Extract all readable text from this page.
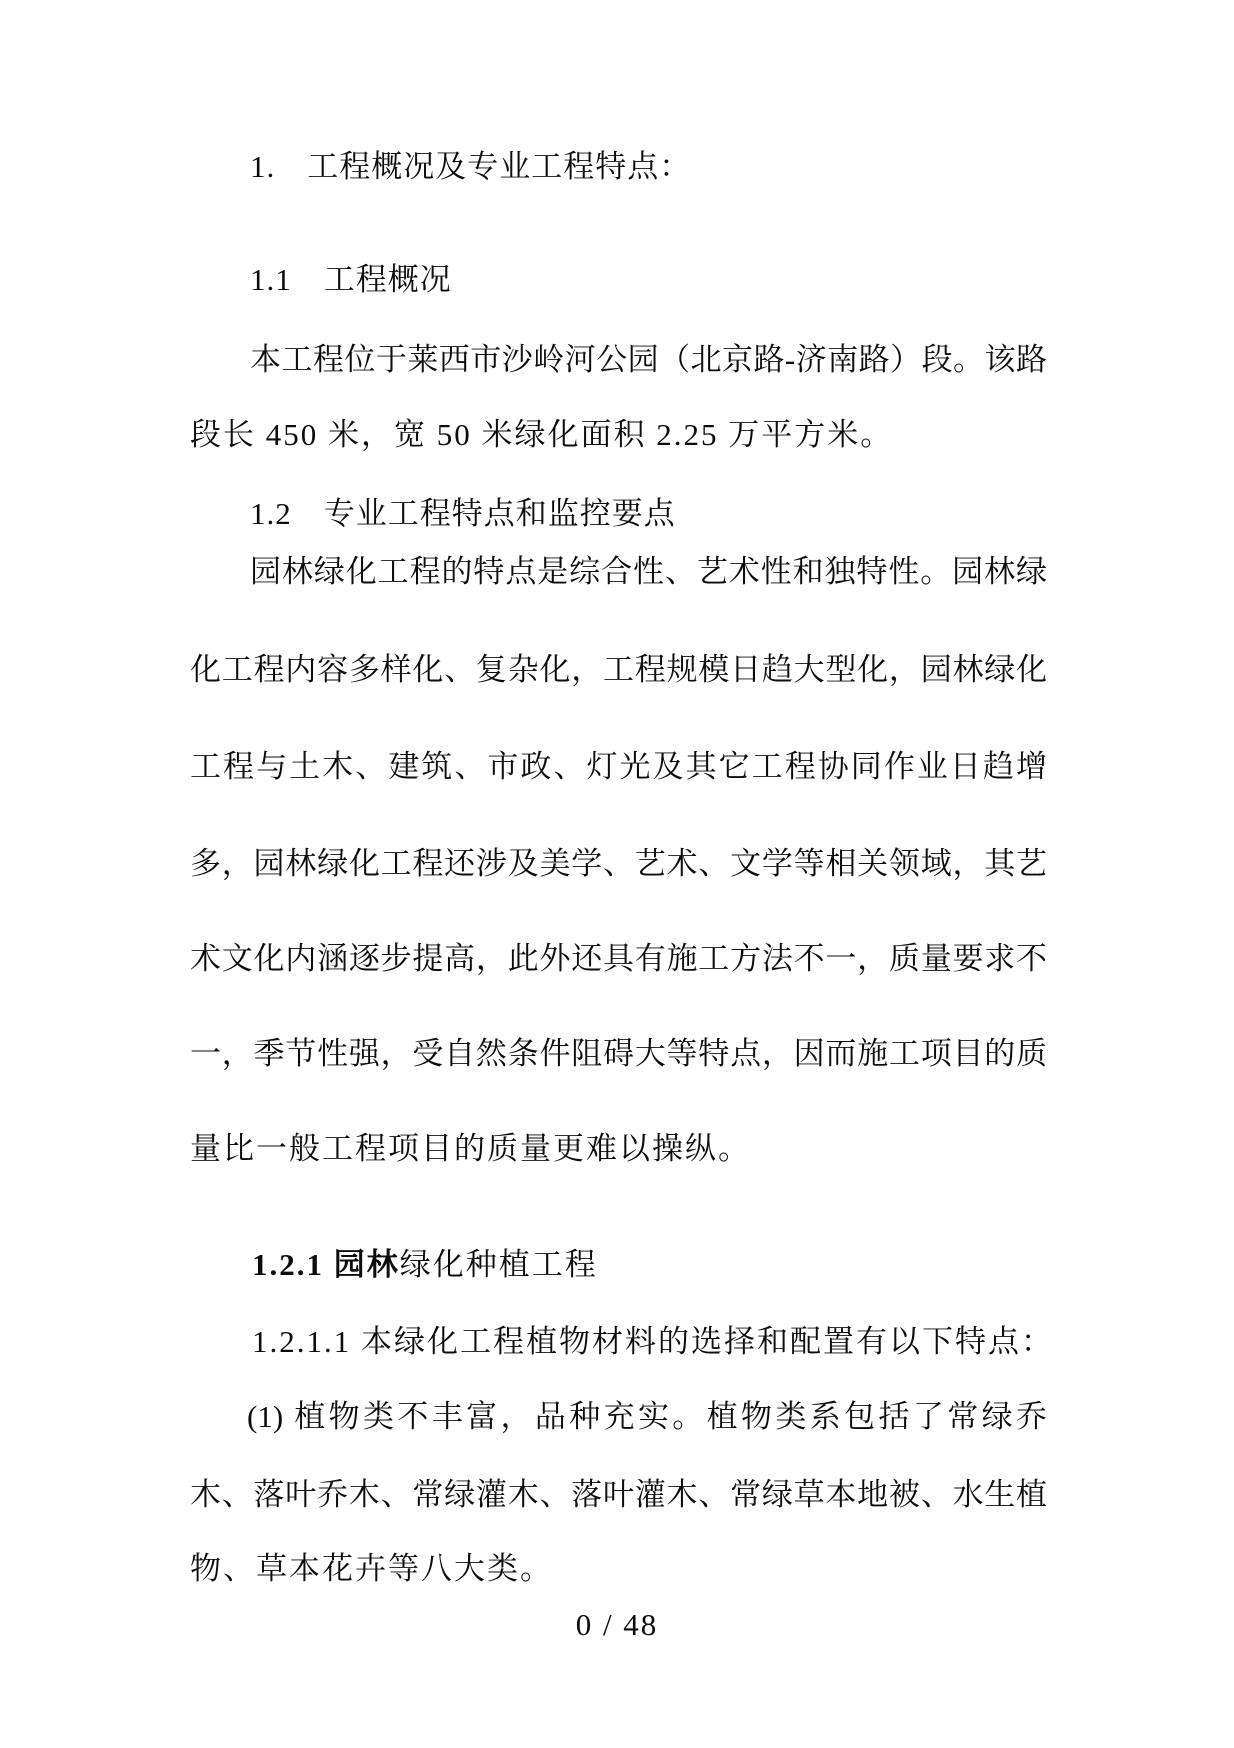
0 / 48
1.　工程概况及专业工程特点：
1.1　工程概况
本工程位于莱西市沙岭河公园（北京路-济南路）段。该路
段长 450 米，宽 50 米绿化面积 2.25 万平方米。
1.2　专业工程特点和监控要点
园林绿化工程的特点是综合性、艺术性和独特性。园林绿
化工程内容多样化、复杂化，工程规模日趋大型化，园林绿化
工程与土木、建筑、市政、灯光及其它工程协同作业日趋增
多，园林绿化工程还涉及美学、艺术、文学等相关领域，其艺
术文化内涵逐步提高，此外还具有施工方法不一，质量要求不
一，季节性强，受自然条件阻碍大等特点，因而施工项目的质
量比一般工程项目的质量更难以操纵。
1.2.1 园林绿化种植工程
1.2.1.1 本绿化工程植物材料的选择和配置有以下特点：
(1) 植物类不丰富，品种充实。植物类系包括了常绿乔
木、落叶乔木、常绿灌木、落叶灌木、常绿草本地被、水生植
物、草本花卉等八大类。
